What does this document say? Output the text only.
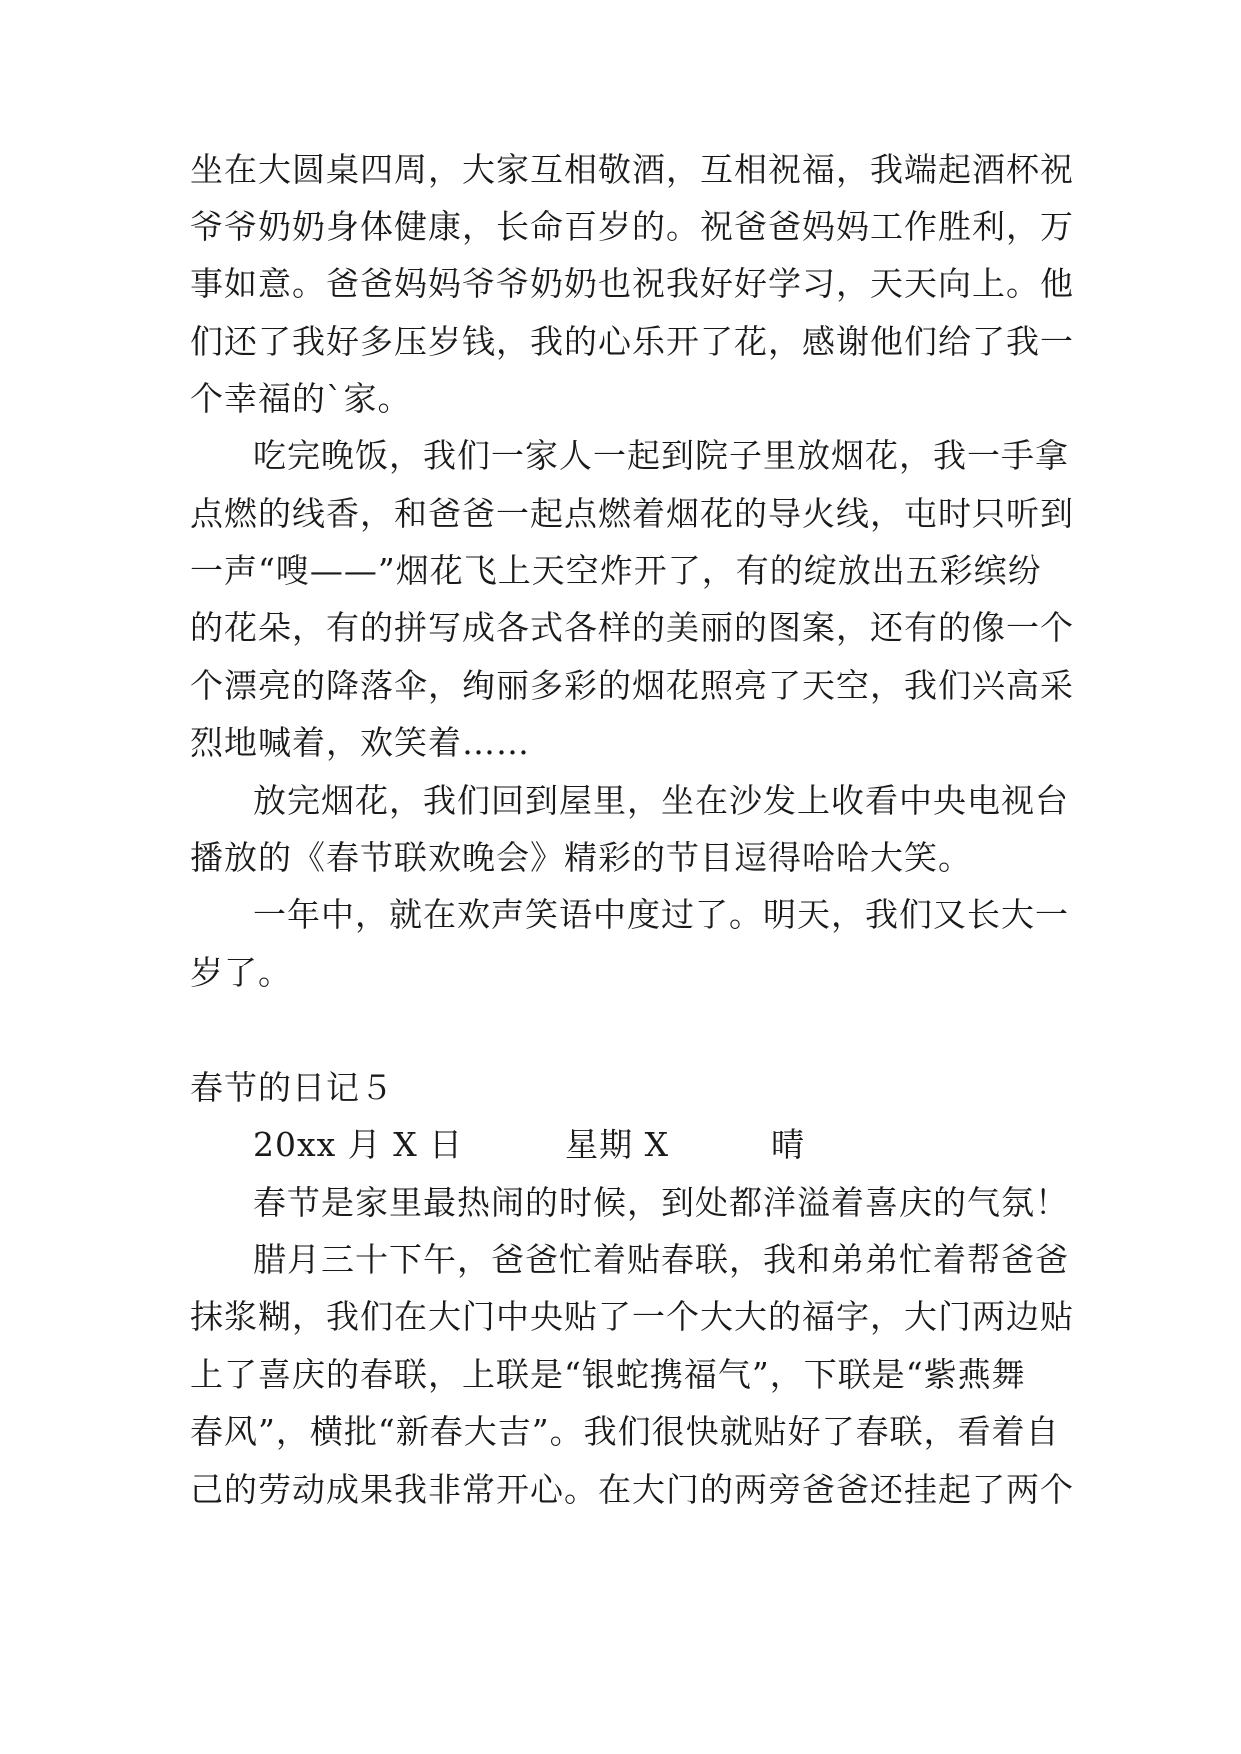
坐在大圆桌四周，大家互相敬酒，互相祝福，我端起酒杯祝
爷爷奶奶身体健康，长命百岁的。祝爸爸妈妈工作胜利，万
事如意。爸爸妈妈爷爷奶奶也祝我好好学习，天天向上。他
们还了我好多压岁钱，我的心乐开了花，感谢他们给了我一
个幸福的`家。
吃完晚饭，我们一家人一起到院子里放烟花，我一手拿
点燃的线香，和爸爸一起点燃着烟花的导火线，屯时只听到
一声“嗖——”烟花飞上天空炸开了，有的绽放出五彩缤纷
的花朵，有的拼写成各式各样的美丽的图案，还有的像一个
个漂亮的降落伞，绚丽多彩的烟花照亮了天空，我们兴高采
烈地喊着，欢笑着……
放完烟花，我们回到屋里，坐在沙发上收看中央电视台
播放的《春节联欢晚会》精彩的节目逗得哈哈大笑。
一年中，就在欢声笑语中度过了。明天，我们又长大一
岁了。
春节的日记５
20xx 月 X 日　　　星期 X　　　晴
春节是家里最热闹的时候，到处都洋溢着喜庆的气氛！
腊月三十下午，爸爸忙着贴春联，我和弟弟忙着帮爸爸
抹浆糊，我们在大门中央贴了一个大大的福字，大门两边贴
上了喜庆的春联，上联是“银蛇携福气”，下联是“紫燕舞
春风”，横批“新春大吉”。我们很快就贴好了春联，看着自
己的劳动成果我非常开心。在大门的两旁爸爸还挂起了两个
